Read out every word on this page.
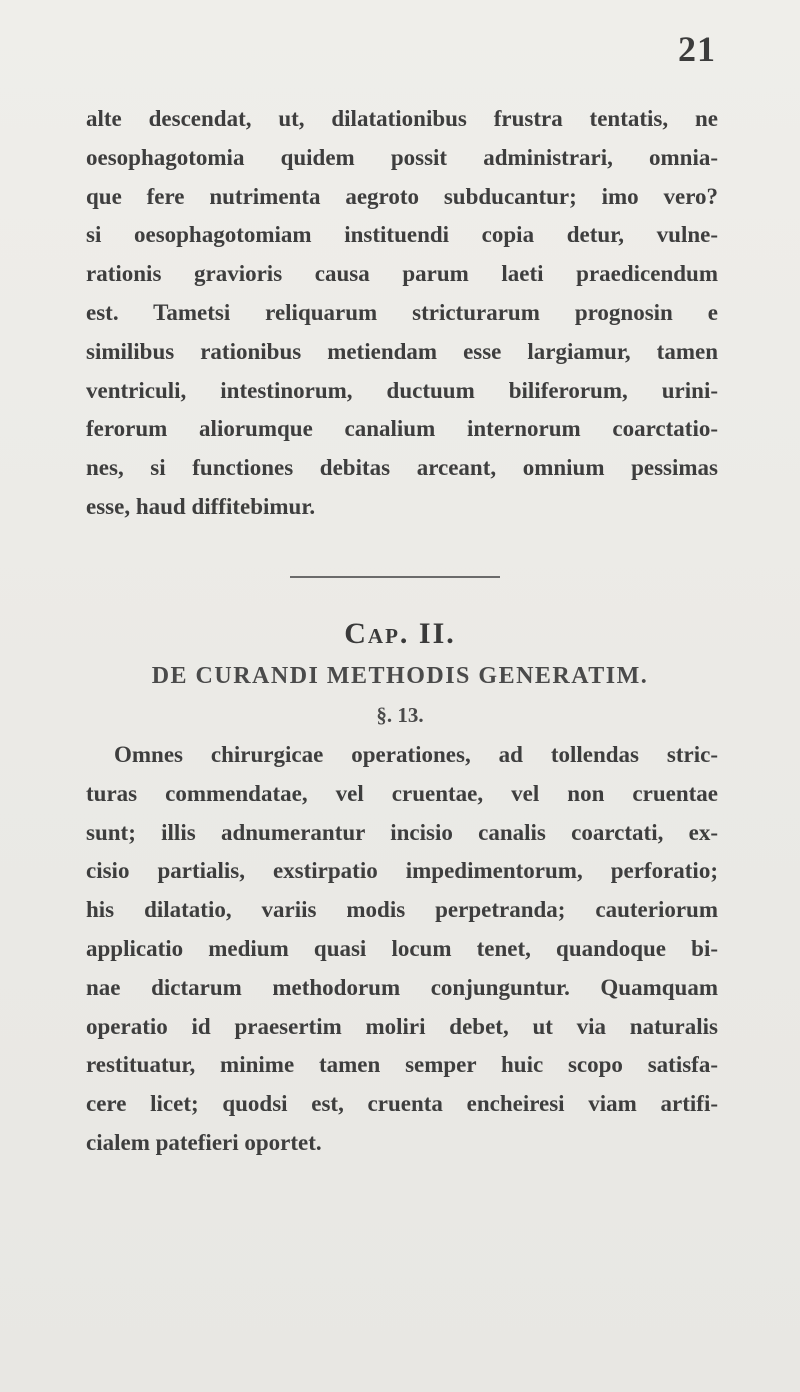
21
alte descendat, ut, dilatationibus frustra tentatis, ne
oesophagotomia quidem possit administrari, omnia-
que fere nutrimenta aegroto subducantur; imo vero?
si oesophagotomiam instituendi copia detur, vulne-
rationis gravioris causa parum laeti praedicendum
est. Tametsi reliquarum stricturarum prognosin e
similibus rationibus metiendam esse largiamur, tamen
ventriculi, intestinorum, ductuum biliferorum, urini-
ferorum aliorumque canalium internorum coarctatio-
nes, si functiones debitas arceant, omnium pessimas
esse, haud diffitebimur.
Cap. II.
DE CURANDI METHODIS GENERATIM.
§. 13.
Omnes chirurgicae operationes, ad tollendas stric-
turas commendatae, vel cruentae, vel non cruentae
sunt; illis adnumerantur incisio canalis coarctati, ex-
cisio partialis, exstirpatio impedimentorum, perforatio;
his dilatatio, variis modis perpetranda; cauteriorum
applicatio medium quasi locum tenet, quandoque bi-
nae dictarum methodorum conjunguntur. Quamquam
operatio id praesertim moliri debet, ut via naturalis
restituatur, minime tamen semper huic scopo satisfa-
cere licet; quodsi est, cruenta encheiresi viam artifi-
cialem patefieri oportet.
